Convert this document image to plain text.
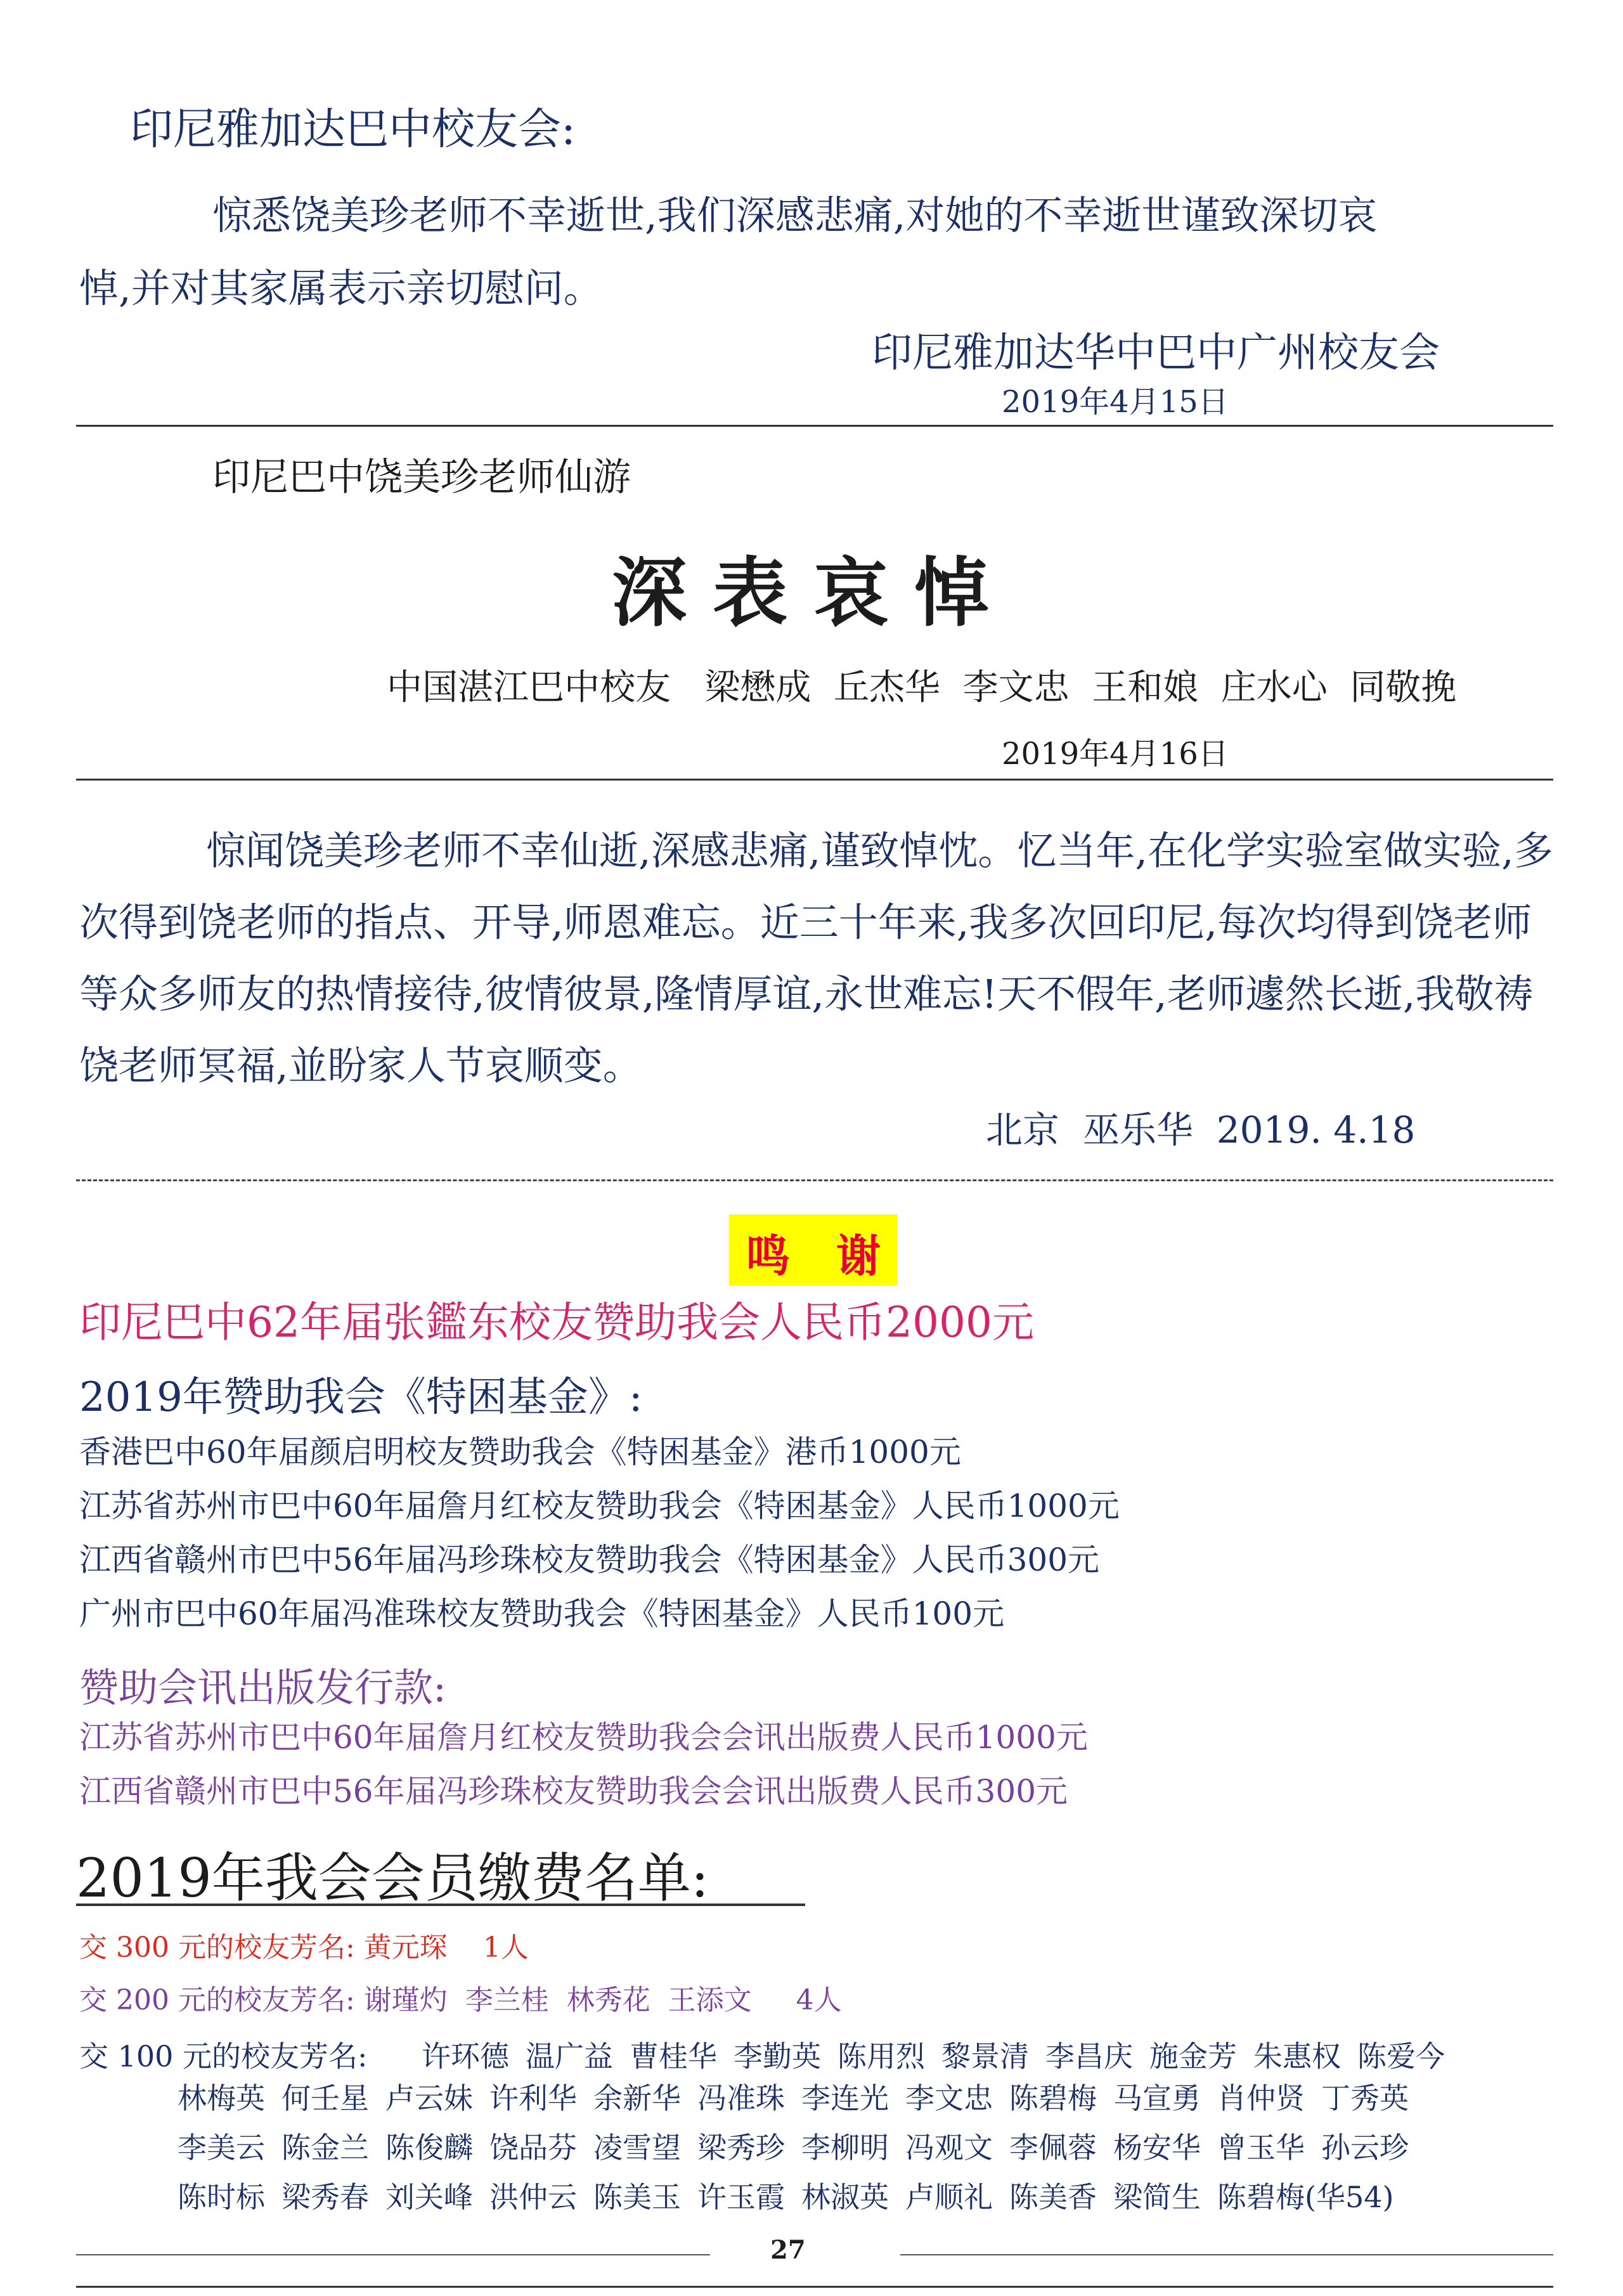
印尼雅加达巴中校友会:
惊悉饶美珍老师不幸逝世,我们深感悲痛,对她的不幸逝世谨致深切哀
悼,并对其家属表示亲切慰问。
印尼雅加达华中巴中广州校友会
2019年4月15日
印尼巴中饶美珍老师仙游
深 表 哀 悼
中国湛江巴中校友   梁懋成  丘杰华  李文忠  王和娘  庄水心  同敬挽
2019年4月16日
惊闻饶美珍老师不幸仙逝,深感悲痛,谨致悼忱。忆当年,在化学实验室做实验,多次得到饶老师的指点、开导,师恩难忘。近三十年来,我多次回印尼,每次均得到饶老师等众多师友的热情接待,彼情彼景,隆情厚谊,永世难忘!天不假年,老师遽然长逝,我敬祷饶老师冥福,並盼家人节哀顺变。
北京  巫乐华  2019. 4.18
鸣   谢
印尼巴中62年届张鑑东校友赞助我会人民币2000元
2019年赞助我会《特困基金》:
香港巴中60年届颜启明校友赞助我会《特困基金》港币1000元
江苏省苏州市巴中60年届詹月红校友赞助我会《特困基金》人民币1000元
江西省赣州市巴中56年届冯珍珠校友赞助我会《特困基金》人民币300元
广州市巴中60年届冯准珠校友赞助我会《特困基金》人民币100元
赞助会讯出版发行款:
江苏省苏州市巴中60年届詹月红校友赞助我会会讯出版费人民币1000元
江西省赣州市巴中56年届冯珍珠校友赞助我会会讯出版费人民币300元
2019年我会会员缴费名单:
交 300 元的校友芳名: 黄元琛    1人
交 200 元的校友芳名: 谢瑾灼  李兰桂  林秀花  王添文     4人
交 100 元的校友芳名: 许环德 温广益 曹桂华 李勤英 陈用烈 黎景清 李昌庆 施金芳 朱惠权 陈爱今
林梅英 何壬星 卢云妹 许利华 余新华 冯准珠 李连光 李文忠 陈碧梅 马宣勇 肖仲贤 丁秀英
李美云 陈金兰 陈俊麟 饶品芬 凌雪望 梁秀珍 李柳明 冯观文 李佩蓉 杨安华 曾玉华 孙云珍
陈时标 梁秀春 刘关峰 洪仲云 陈美玉 许玉霞 林淑英 卢顺礼 陈美香 梁简生 陈碧梅(华54)
27
